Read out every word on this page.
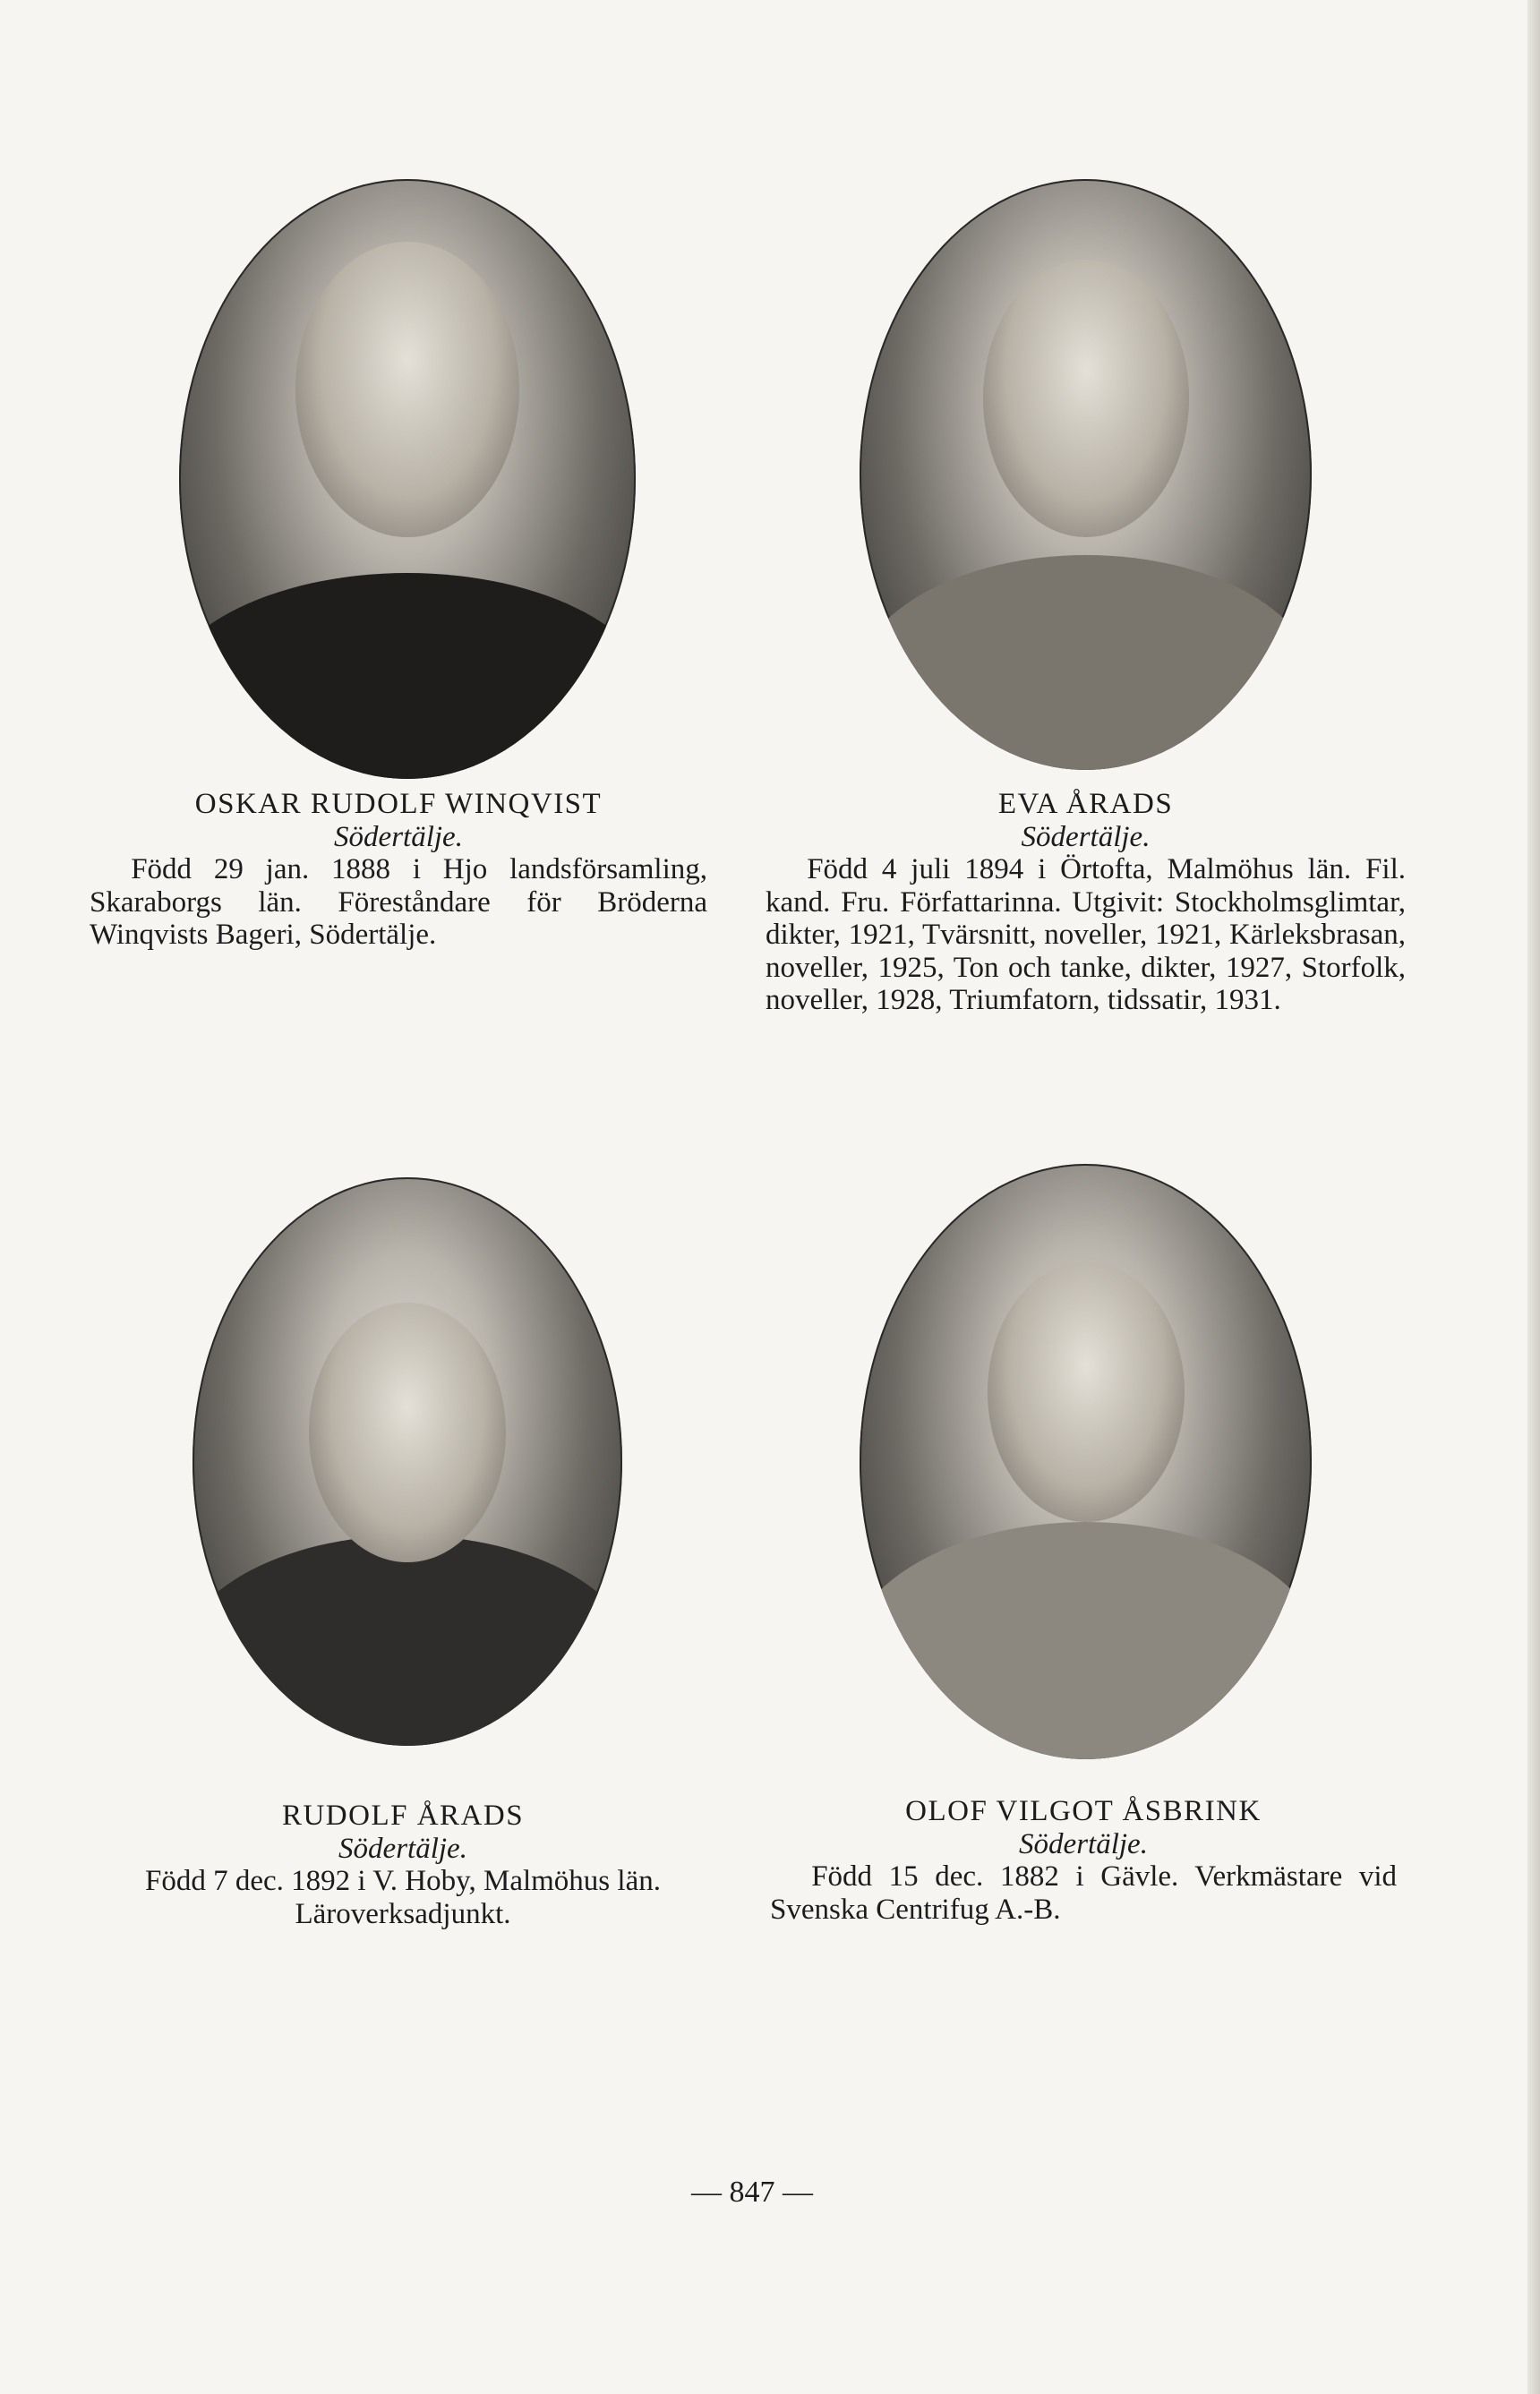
OSKAR RUDOLF WINQVIST
Södertälje.
Född 29 jan. 1888 i Hjo landsförsamling, Skaraborgs län. Föreståndare för Bröderna Winqvists Bageri, Södertälje.
EVA ÅRADS
Södertälje.
Född 4 juli 1894 i Örtofta, Malmöhus län. Fil. kand. Fru. Författarinna. Utgivit: Stockholmsglimtar, dikter, 1921, Tvärsnitt, noveller, 1921, Kärleksbrasan, noveller, 1925, Ton och tanke, dikter, 1927, Storfolk, noveller, 1928, Triumfatorn, tidssatir, 1931.
RUDOLF ÅRADS
Södertälje.
Född 7 dec. 1892 i V. Hoby, Malmöhus län. Läroverksadjunkt.
OLOF VILGOT ÅSBRINK
Södertälje.
Född 15 dec. 1882 i Gävle. Verkmästare vid Svenska Centrifug A.-B.
— 847 —
